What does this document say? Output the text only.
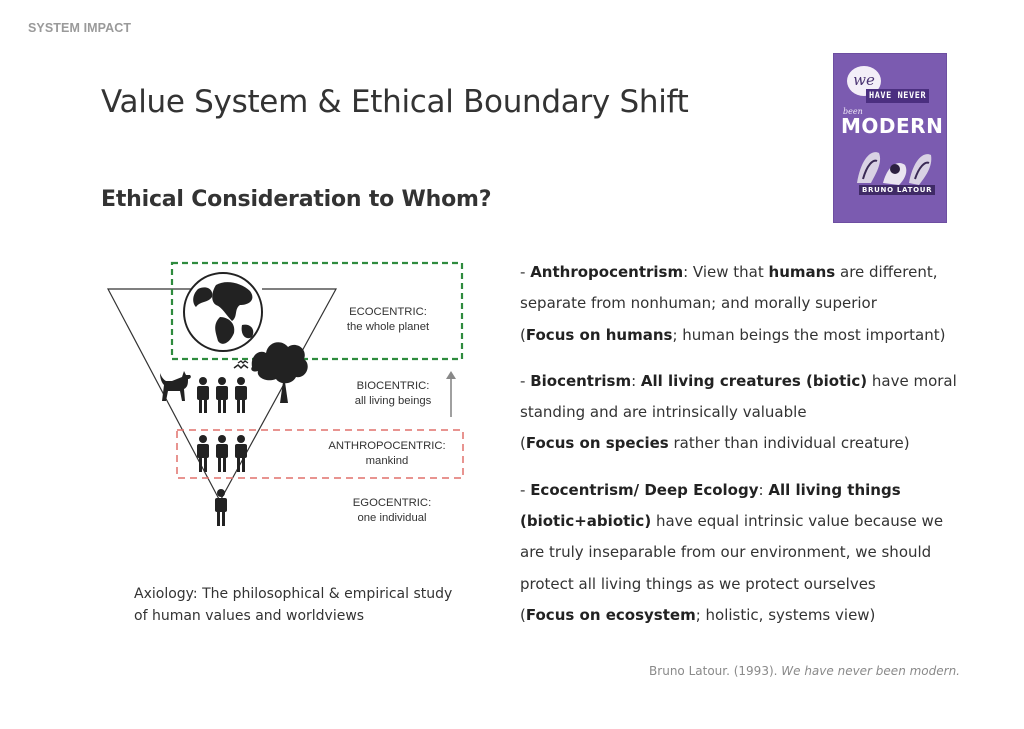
SYSTEM IMPACT
Value System & Ethical Boundary Shift
Ethical Consideration to Whom?
we
HAVE NEVER
been
MODERN
BRUNO LATOUR
ECOCENTRIC:
the whole planet
BIOCENTRIC:
all living beings
ANTHROPOCENTRIC:
mankind
EGOCENTRIC:
one individual
Axiology: The philosophical & empirical study
of human values and worldviews

- Anthropocentrism: View that humans are different,

separate from nonhuman; and morally superior

(Focus on humans; human beings the most important)

- Biocentrism: All living creatures (biotic) have moral

standing and are intrinsically valuable

(Focus on species rather than individual creature)

- Ecocentrism/ Deep Ecology: All living things

(biotic+abiotic) have equal intrinsic value because we

are truly inseparable from our environment, we should

protect all living things as we protect ourselves

(Focus on ecosystem; holistic, systems view)

Bruno Latour. (1993). We have never been modern.
